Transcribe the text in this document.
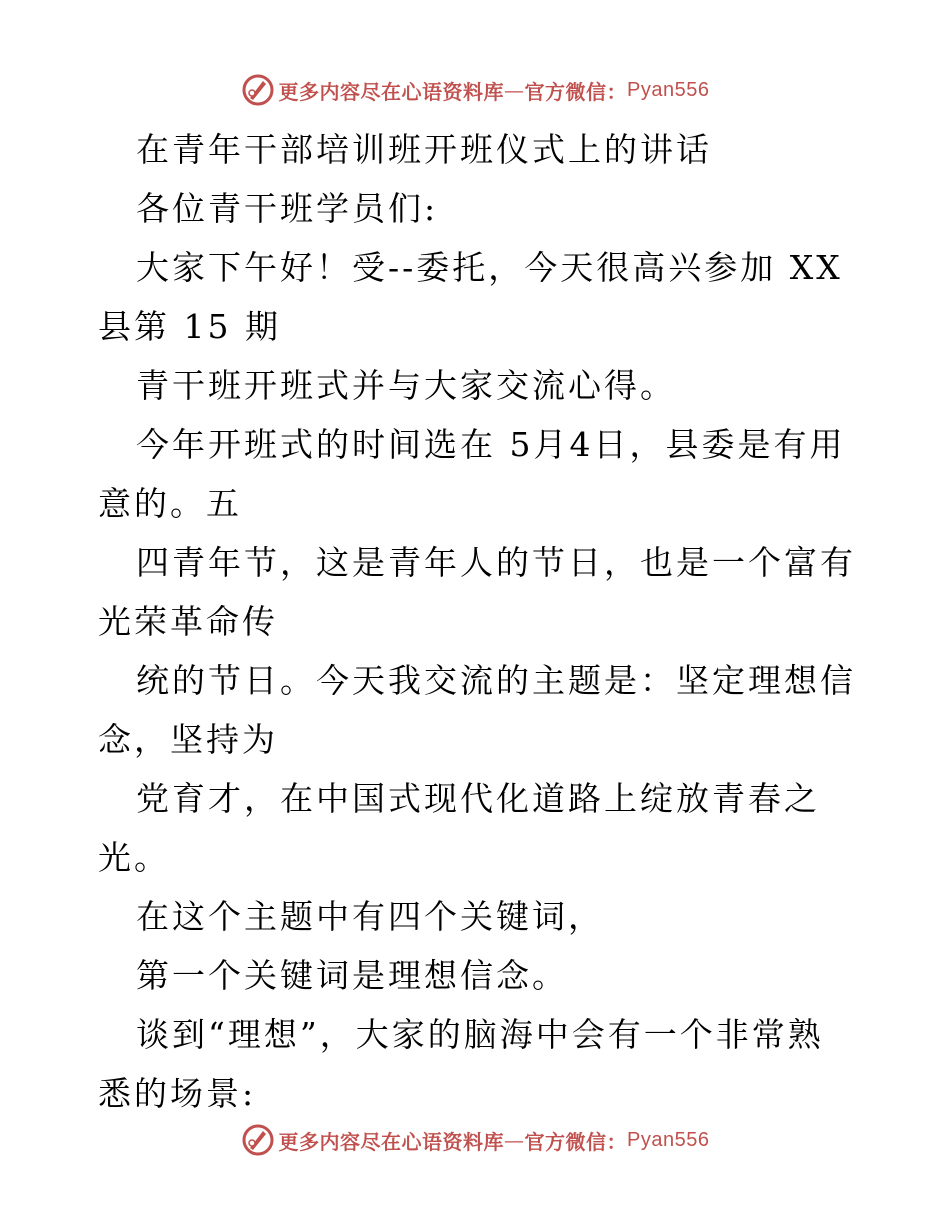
更多内容尽在心语资料库 — 官方微信： Pyan556

在青年干部培训班开班仪式上的讲话

各位青干班学员们:

大家下午好！受--委托，今天很高兴参加 XX 县第 15 期

青干班开班式并与大家交流心得。

今年开班式的时间选在 5月4日，县委是有用意的。五

四青年节，这是青年人的节日，也是一个富有光荣革命传

统的节日。今天我交流的主题是：坚定理想信念，坚持为

党育才，在中国式现代化道路上绽放青春之光。

在这个主题中有四个关键词，

第一个关键词是理想信念。

谈到“理想”，大家的脑海中会有一个非常熟悉的场景:

更多内容尽在心语资料库 — 官方微信： Pyan556
